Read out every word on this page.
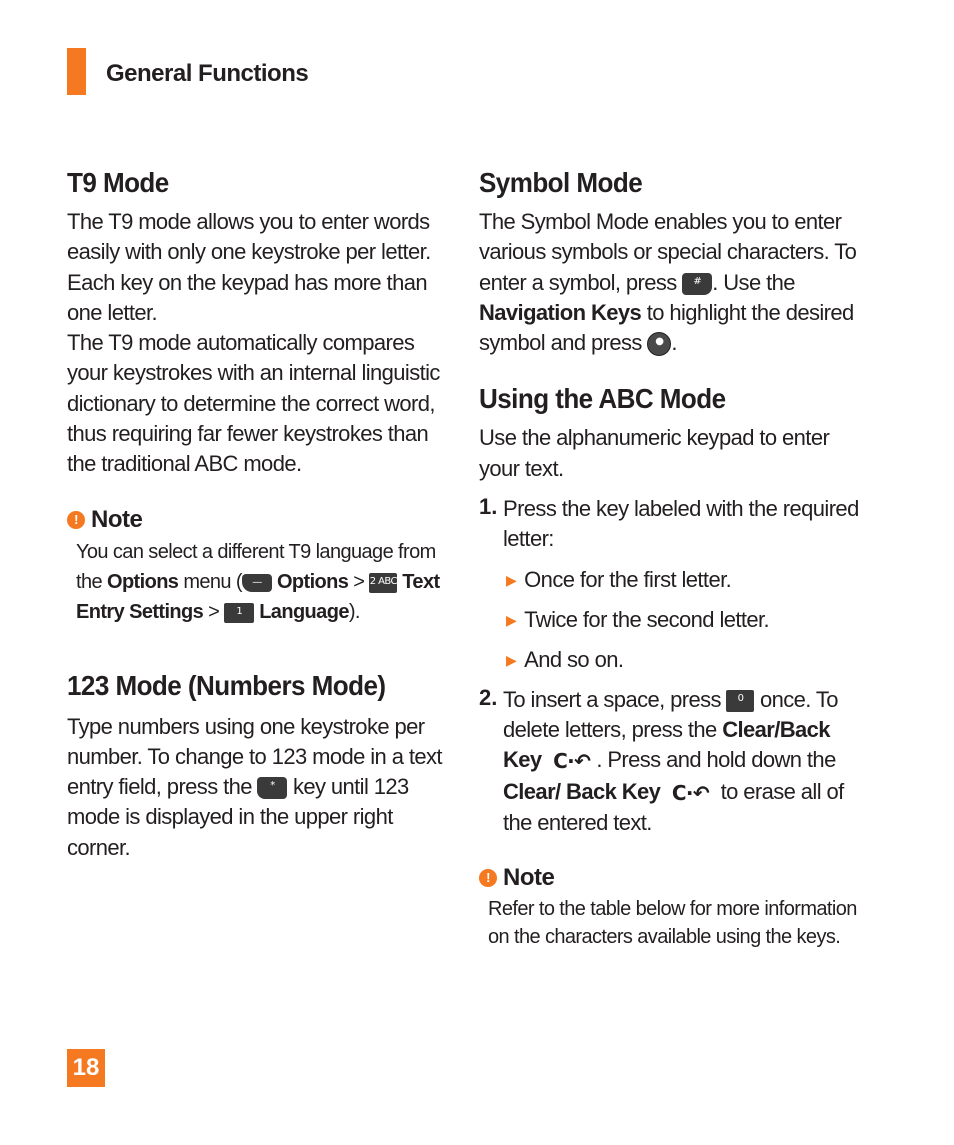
General Functions
T9 Mode

The T9 mode allows you to enter words easily with only one keystroke per letter. Each key on the keypad has more than one letter.

The T9 mode automatically compares your keystrokes with an internal linguistic dictionary to determine the correct word, thus requiring far fewer keystrokes than the traditional ABC mode.

! Note
You can select a different T9 language from
the Options menu ( — Options > 2 ABC Text
Entry Settings > 1 Language).
123 Mode (Numbers Mode)

Type numbers using one keystroke per number. To change to 123 mode in a text entry field, press the * key until 123 mode is displayed in the upper right corner.

Symbol Mode

The Symbol Mode enables you to enter various symbols or special characters. To enter a symbol, press # . Use the Navigation Keys to highlight the desired symbol and press ● .

Using the ABC Mode

Use the alphanumeric keypad to enter your text.

1. Press the key labeled with the required letter:

▶ Once for the first letter.
▶ Twice for the second letter.
▶ And so on.
2. To insert a space, press 0 once. To delete letters, press the Clear/Back Key C·↶ . Press and hold down the Clear/ Back Key C·↶ to erase all of the entered text.

! Note
Refer to the table below for more information on the characters available using the keys.
18
